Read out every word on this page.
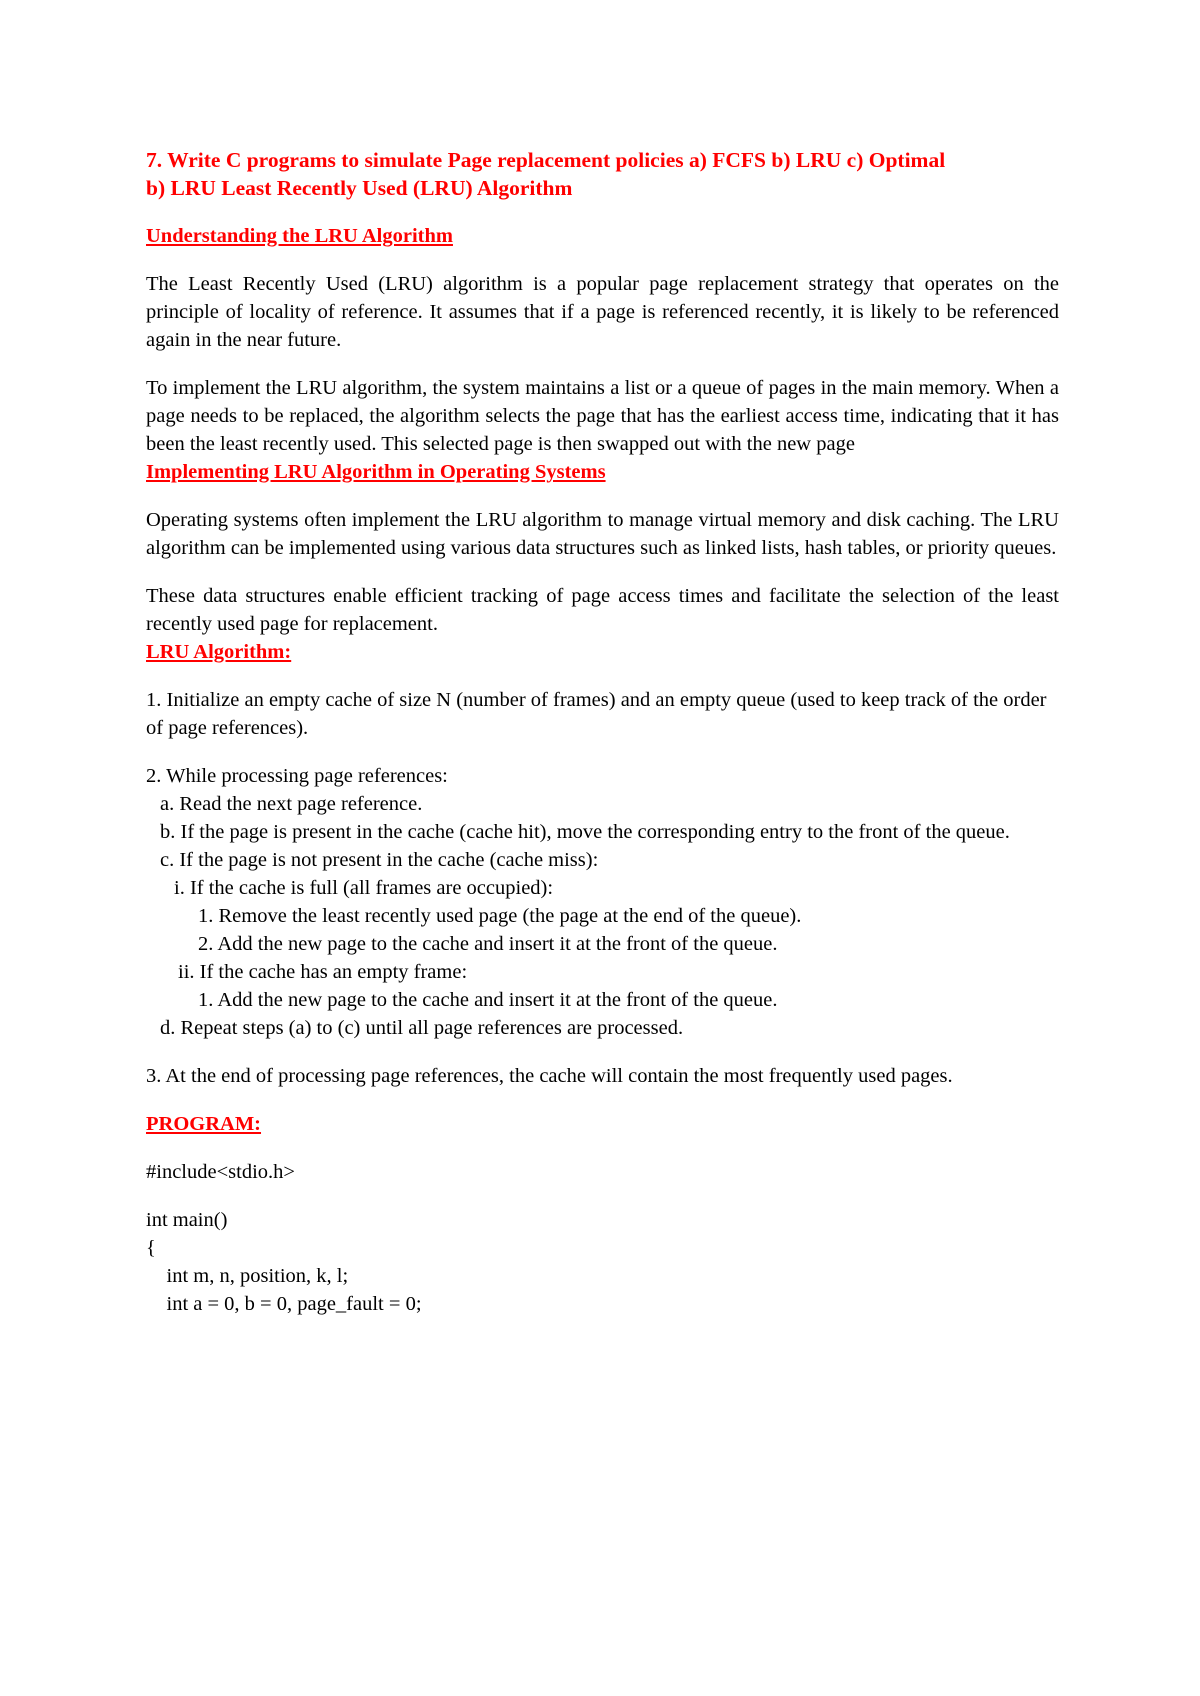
7. Write C programs to simulate Page replacement policies a) FCFS b) LRU c) Optimal
b) LRU Least Recently Used (LRU) Algorithm

Understanding the LRU Algorithm

The Least Recently Used (LRU) algorithm is a popular page replacement strategy that operates on the principle of locality of reference. It assumes that if a page is referenced recently, it is likely to be referenced again in the near future.

To implement the LRU algorithm, the system maintains a list or a queue of pages in the main memory. When a page needs to be replaced, the algorithm selects the page that has the earliest access time, indicating that it has been the least recently used. This selected page is then swapped out with the new page

Implementing LRU Algorithm in Operating Systems

Operating systems often implement the LRU algorithm to manage virtual memory and disk caching. The LRU algorithm can be implemented using various data structures such as linked lists, hash tables, or priority queues.

These data structures enable efficient tracking of page access times and facilitate the selection of the least recently used page for replacement.

LRU Algorithm:

1. Initialize an empty cache of size N (number of frames) and an empty queue (used to keep track of the order of page references).

2. While processing page references:

a. Read the next page reference.

b. If the page is present in the cache (cache hit), move the corresponding entry to the front of the queue.

c. If the page is not present in the cache (cache miss):

i. If the cache is full (all frames are occupied):

1. Remove the least recently used page (the page at the end of the queue).

2. Add the new page to the cache and insert it at the front of the queue.

ii. If the cache has an empty frame:

1. Add the new page to the cache and insert it at the front of the queue.

d. Repeat steps (a) to (c) until all page references are processed.

3. At the end of processing page references, the cache will contain the most frequently used pages.

PROGRAM:

#include<stdio.h>

int main()

{

int m, n, position, k, l;

int a = 0, b = 0, page_fault = 0;
